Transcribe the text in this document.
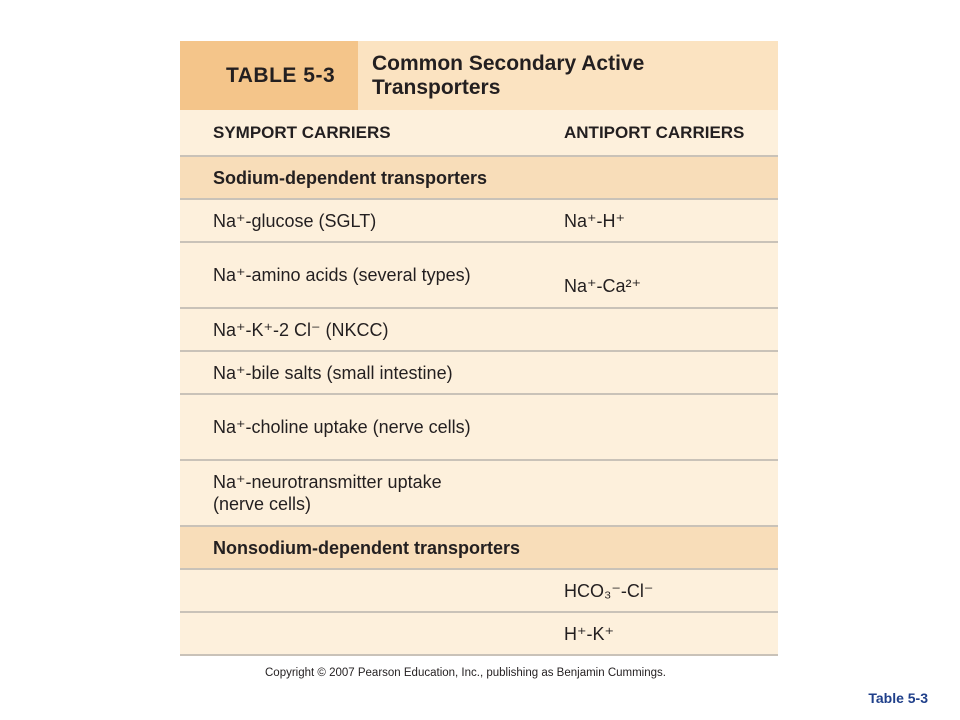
TABLE 5-3
Common Secondary Active Transporters
SYMPORT CARRIERS	ANTIPORT CARRIERS
Sodium-dependent transporters
Na⁺-glucose (SGLT)	Na⁺-H⁺
Na⁺-amino acids (several types)
Na⁺-Ca²⁺
Na⁺-K⁺-2 Cl⁻ (NKCC)
Na⁺-bile salts (small intestine)
Na⁺-choline uptake (nerve cells)
Na⁺-neurotransmitter uptake (nerve cells)
Nonsodium-dependent transporters
HCO₃⁻-Cl⁻
H⁺-K⁺
Copyright © 2007 Pearson Education, Inc., publishing as Benjamin Cummings.
Table 5-3
